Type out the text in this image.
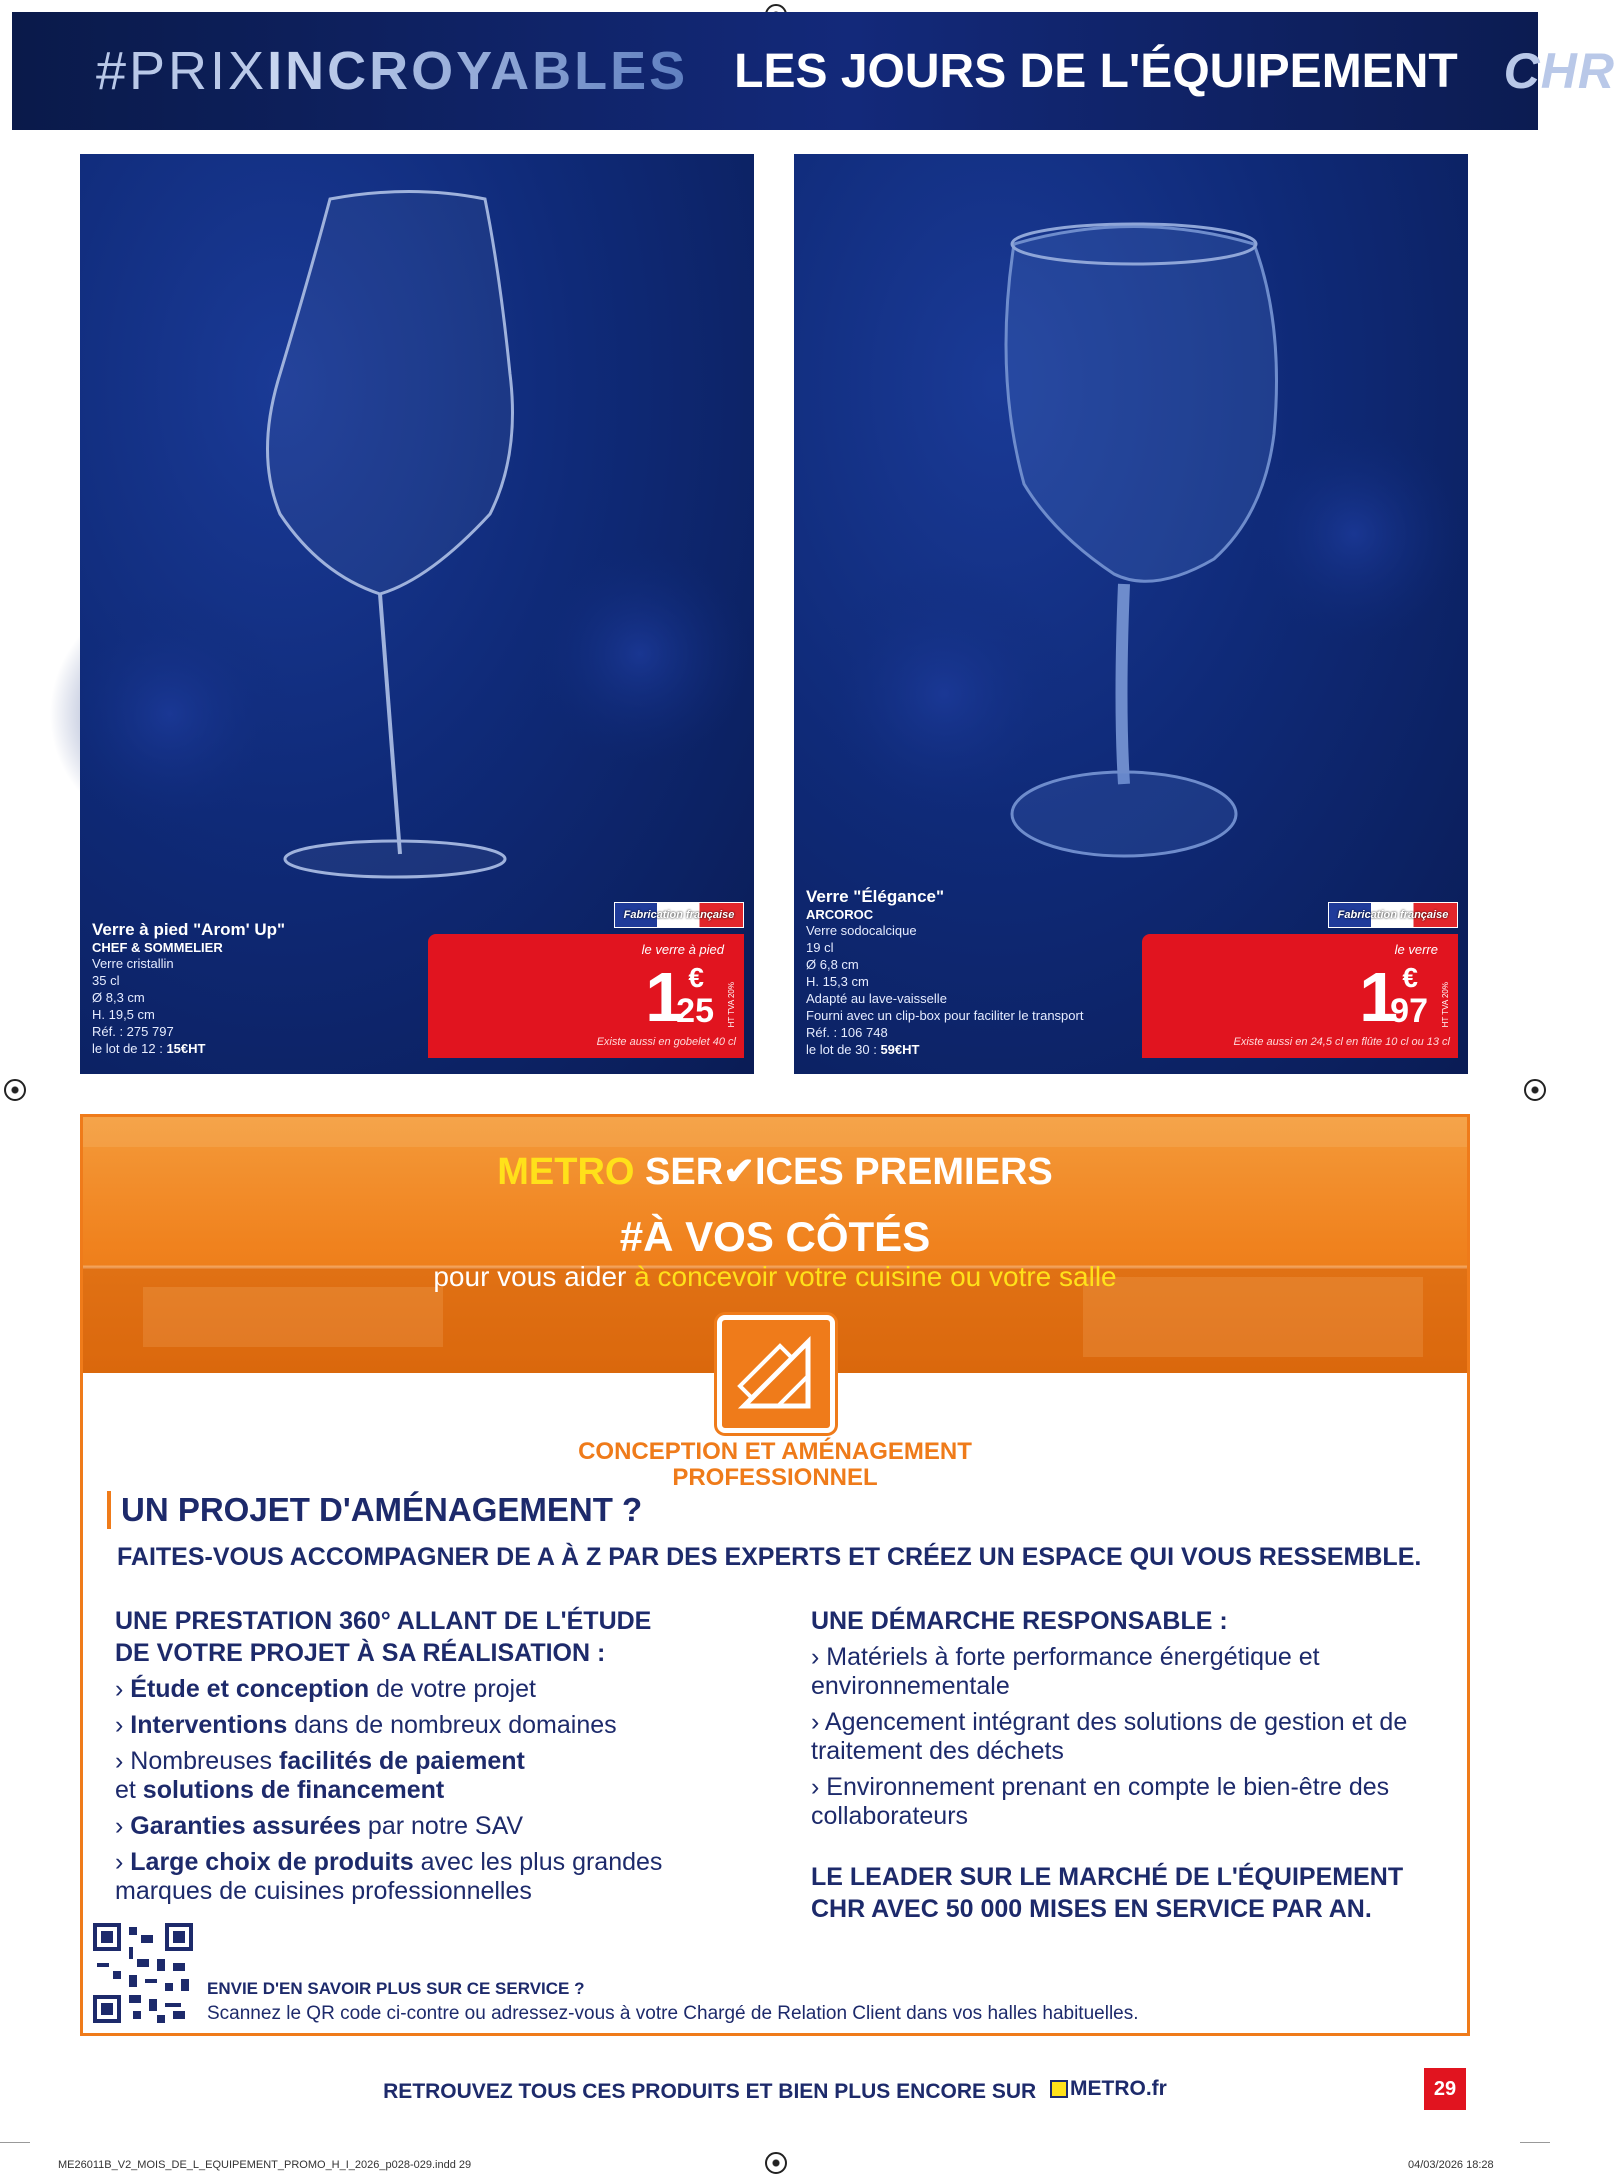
#PRIXINCROYABLES LES JOURS DE L'ÉQUIPEMENT CHR
Verre à pied "Arom' Up"
CHEF & SOMMELIER
Verre cristallin
35 cl
Ø 8,3 cm
H. 19,5 cm
Réf. : 275 797
le lot de 12 : 15€HT
Fabrication française
le verre à pied
1 €
25 HT TVA 20%
Existe aussi en gobelet 40 cl
Verre "Élégance"
ARCOROC
Verre sodocalcique
19 cl
Ø 6,8 cm
H. 15,3 cm
Adapté au lave-vaisselle
Fourni avec un clip-box pour faciliter le transport
Réf. : 106 748
le lot de 30 : 59€HT
Fabrication française
le verre
1 €
97 HT TVA 20%
Existe aussi en 24,5 cl en flûte 10 cl ou 13 cl
METRO SER✔ICES PREMIERS
#À VOS CÔTÉS
pour vous aider à concevoir votre cuisine ou votre salle
CONCEPTION ET AMÉNAGEMENT
PROFESSIONNEL
UN PROJET D'AMÉNAGEMENT ?
FAITES-VOUS ACCOMPAGNER DE A À Z PAR DES EXPERTS ET CRÉEZ UN ESPACE QUI VOUS RESSEMBLE.
UNE PRESTATION 360° ALLANT DE L'ÉTUDE
DE VOTRE PROJET À SA RÉALISATION :

› Étude et conception de votre projet

› Interventions dans de nombreux domaines

› Nombreuses facilités de paiement
et solutions de financement

› Garanties assurées par notre SAV

› Large choix de produits avec les plus grandes marques de cuisines professionnelles

UNE DÉMARCHE RESPONSABLE :

› Matériels à forte performance énergétique et environnementale

› Agencement intégrant des solutions de gestion et de traitement des déchets

› Environnement prenant en compte le bien-être des collaborateurs

LE LEADER SUR LE MARCHÉ DE L'ÉQUIPEMENT CHR AVEC 50 000 MISES EN SERVICE PAR AN.
ENVIE D'EN SAVOIR PLUS SUR CE SERVICE ?
Scannez le QR code ci-contre ou adressez-vous à votre Chargé de Relation Client dans vos halles habituelles.
RETROUVEZ TOUS CES PRODUITS ET BIEN PLUS ENCORE SUR METRO.fr	29
ME26011B_V2_MOIS_DE_L_EQUIPEMENT_PROMO_H_I_2026_p028-029.indd 29	04/03/2026 18:28
